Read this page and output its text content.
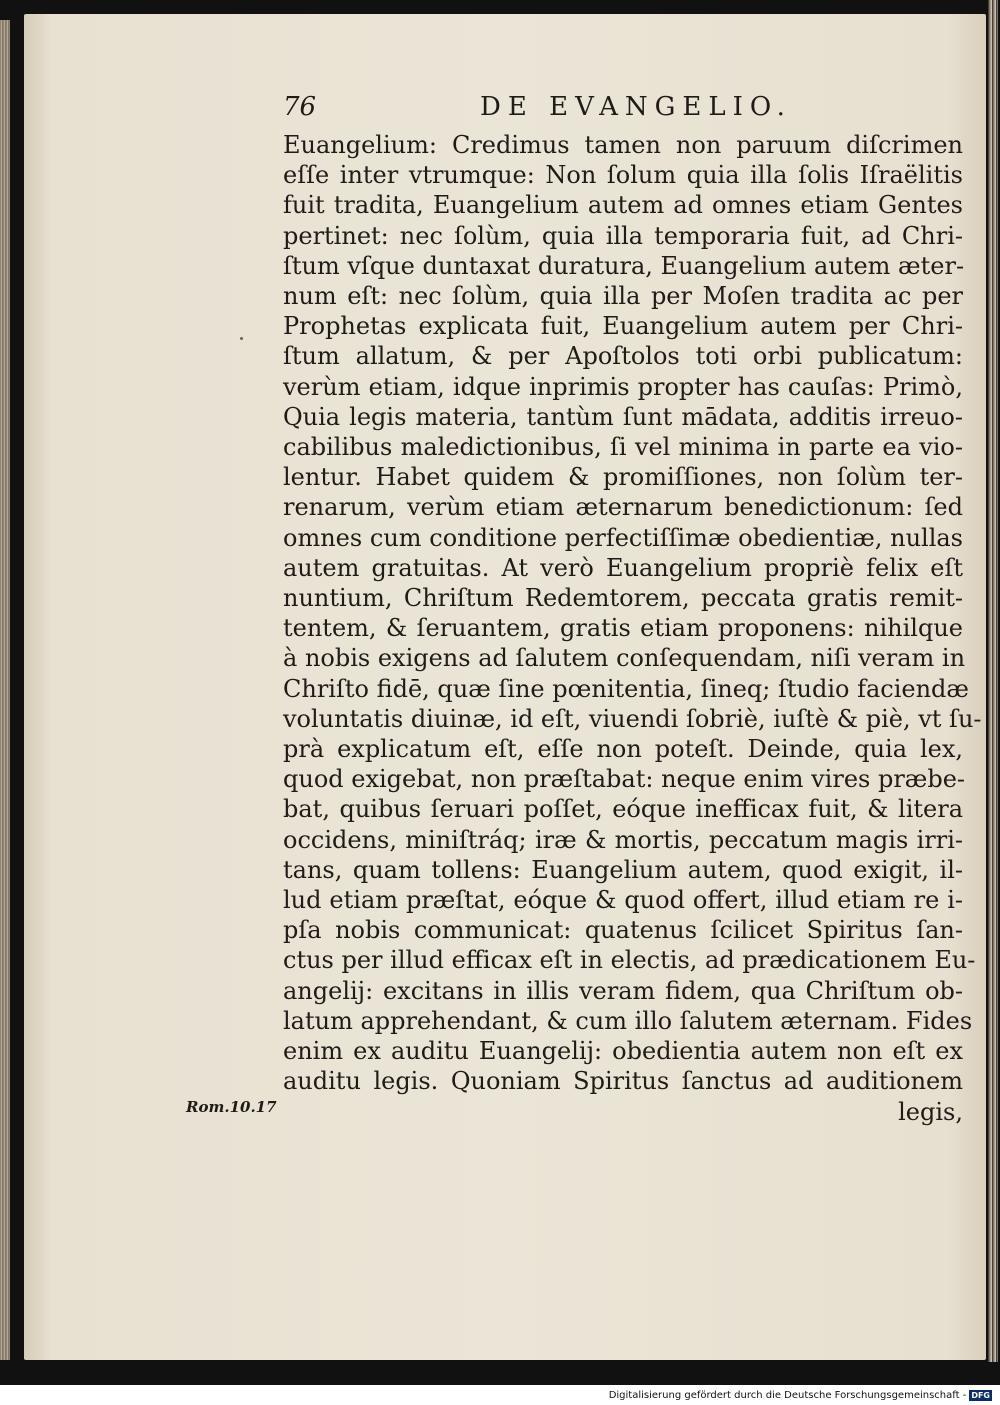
76	DE EVANGELIO.
Euangelium: Credimus tamen non paruum diſcrimen
eſſe inter vtrumque: Non ſolum quia illa ſolis Iſraëlitis
fuit tradita, Euangelium autem ad omnes etiam Gentes
pertinet: nec ſolùm, quia illa temporaria fuit, ad Chri-
ſtum vſque duntaxat duratura, Euangelium autem æter-
num eſt: nec ſolùm, quia illa per Moſen tradita ac per
Prophetas explicata fuit, Euangelium autem per Chri-
ſtum allatum, & per Apoſtolos toti orbi publicatum:
verùm etiam, idque inprimis propter has cauſas: Primò,
Quia legis materia, tantùm ſunt mādata, additis irreuo-
cabilibus maledictionibus, ſi vel minima in parte ea vio-
lentur. Habet quidem & promiſſiones, non ſolùm ter-
renarum, verùm etiam æternarum benedictionum: ſed
omnes cum conditione perfectiſſimæ obedientiæ, nullas
autem gratuitas. At verò Euangelium propriè felix eſt
nuntium, Chriſtum Redemtorem, peccata gratis remit-
tentem, & ſeruantem, gratis etiam proponens: nihilque
à nobis exigens ad ſalutem conſequendam, niſi veram in
Chriſto fidē, quæ ſine pœnitentia, ſineq; ſtudio faciendæ
voluntatis diuinæ, id eſt, viuendi ſobriè, iuſtè & piè, vt ſu-
prà explicatum eſt, eſſe non poteſt. Deinde, quia lex,
quod exigebat, non præſtabat: neque enim vires præbe-
bat, quibus ſeruari poſſet, eóque inefficax fuit, & litera
occidens, miniſtráq; iræ & mortis, peccatum magis irri-
tans, quam tollens: Euangelium autem, quod exigit, il-
lud etiam præſtat, eóque & quod offert, illud etiam re i-
pſa nobis communicat: quatenus ſcilicet Spiritus ſan-
ctus per illud efficax eſt in electis, ad prædicationem Eu-
angelij: excitans in illis veram fidem, qua Chriſtum ob-
latum apprehendant, & cum illo ſalutem æternam. Fides
enim ex auditu Euangelij: obedientia autem non eſt ex
auditu legis. Quoniam Spiritus ſanctus ad auditionem
legis,
Rom.10.17
Digitalisierung gefördert durch die Deutsche Forschungsgemeinschaft - DFG
